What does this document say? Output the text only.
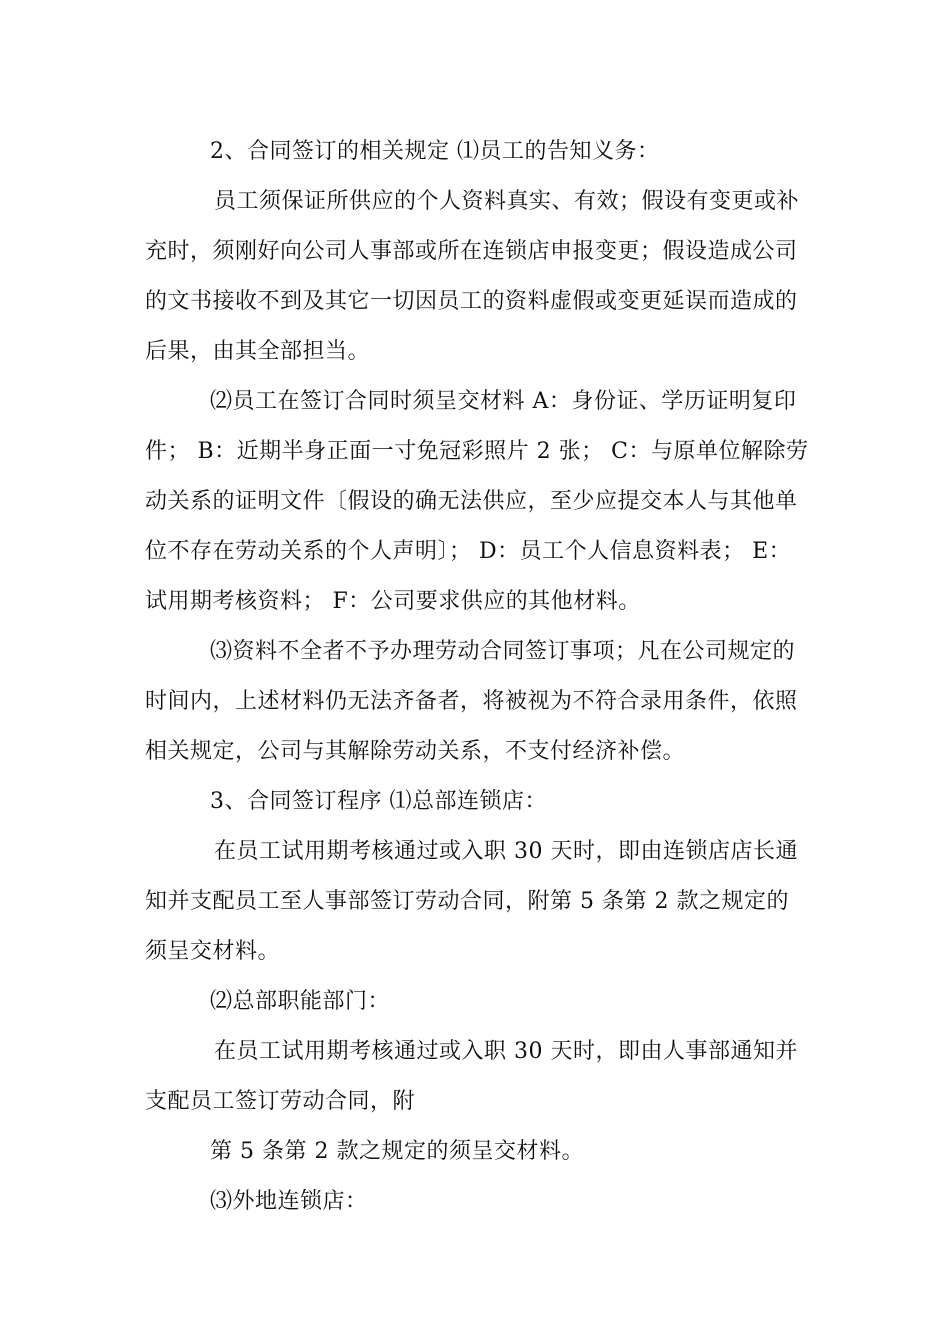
2、合同签订的相关规定 ⑴员工的告知义务：
员工须保证所供应的个人资料真实、有效；假设有变更或补
充时，须刚好向公司人事部或所在连锁店申报变更；假设造成公司
的文书接收不到及其它一切因员工的资料虚假或变更延误而造成的
后果，由其全部担当。
⑵员工在签订合同时须呈交材料 A：身份证、学历证明复印
件； B：近期半身正面一寸免冠彩照片 2 张； C：与原单位解除劳
动关系的证明文件〔假设的确无法供应，至少应提交本人与其他单
位不存在劳动关系的个人声明〕； D：员工个人信息资料表； E：
试用期考核资料； F：公司要求供应的其他材料。
⑶资料不全者不予办理劳动合同签订事项；凡在公司规定的
时间内，上述材料仍无法齐备者，将被视为不符合录用条件，依照
相关规定，公司与其解除劳动关系，不支付经济补偿。
3、合同签订程序 ⑴总部连锁店：
在员工试用期考核通过或入职 30 天时，即由连锁店店长通
知并支配员工至人事部签订劳动合同，附第 5 条第 2 款之规定的
须呈交材料。
⑵总部职能部门：
在员工试用期考核通过或入职 30 天时，即由人事部通知并
支配员工签订劳动合同，附
第 5 条第 2 款之规定的须呈交材料。
⑶外地连锁店：
